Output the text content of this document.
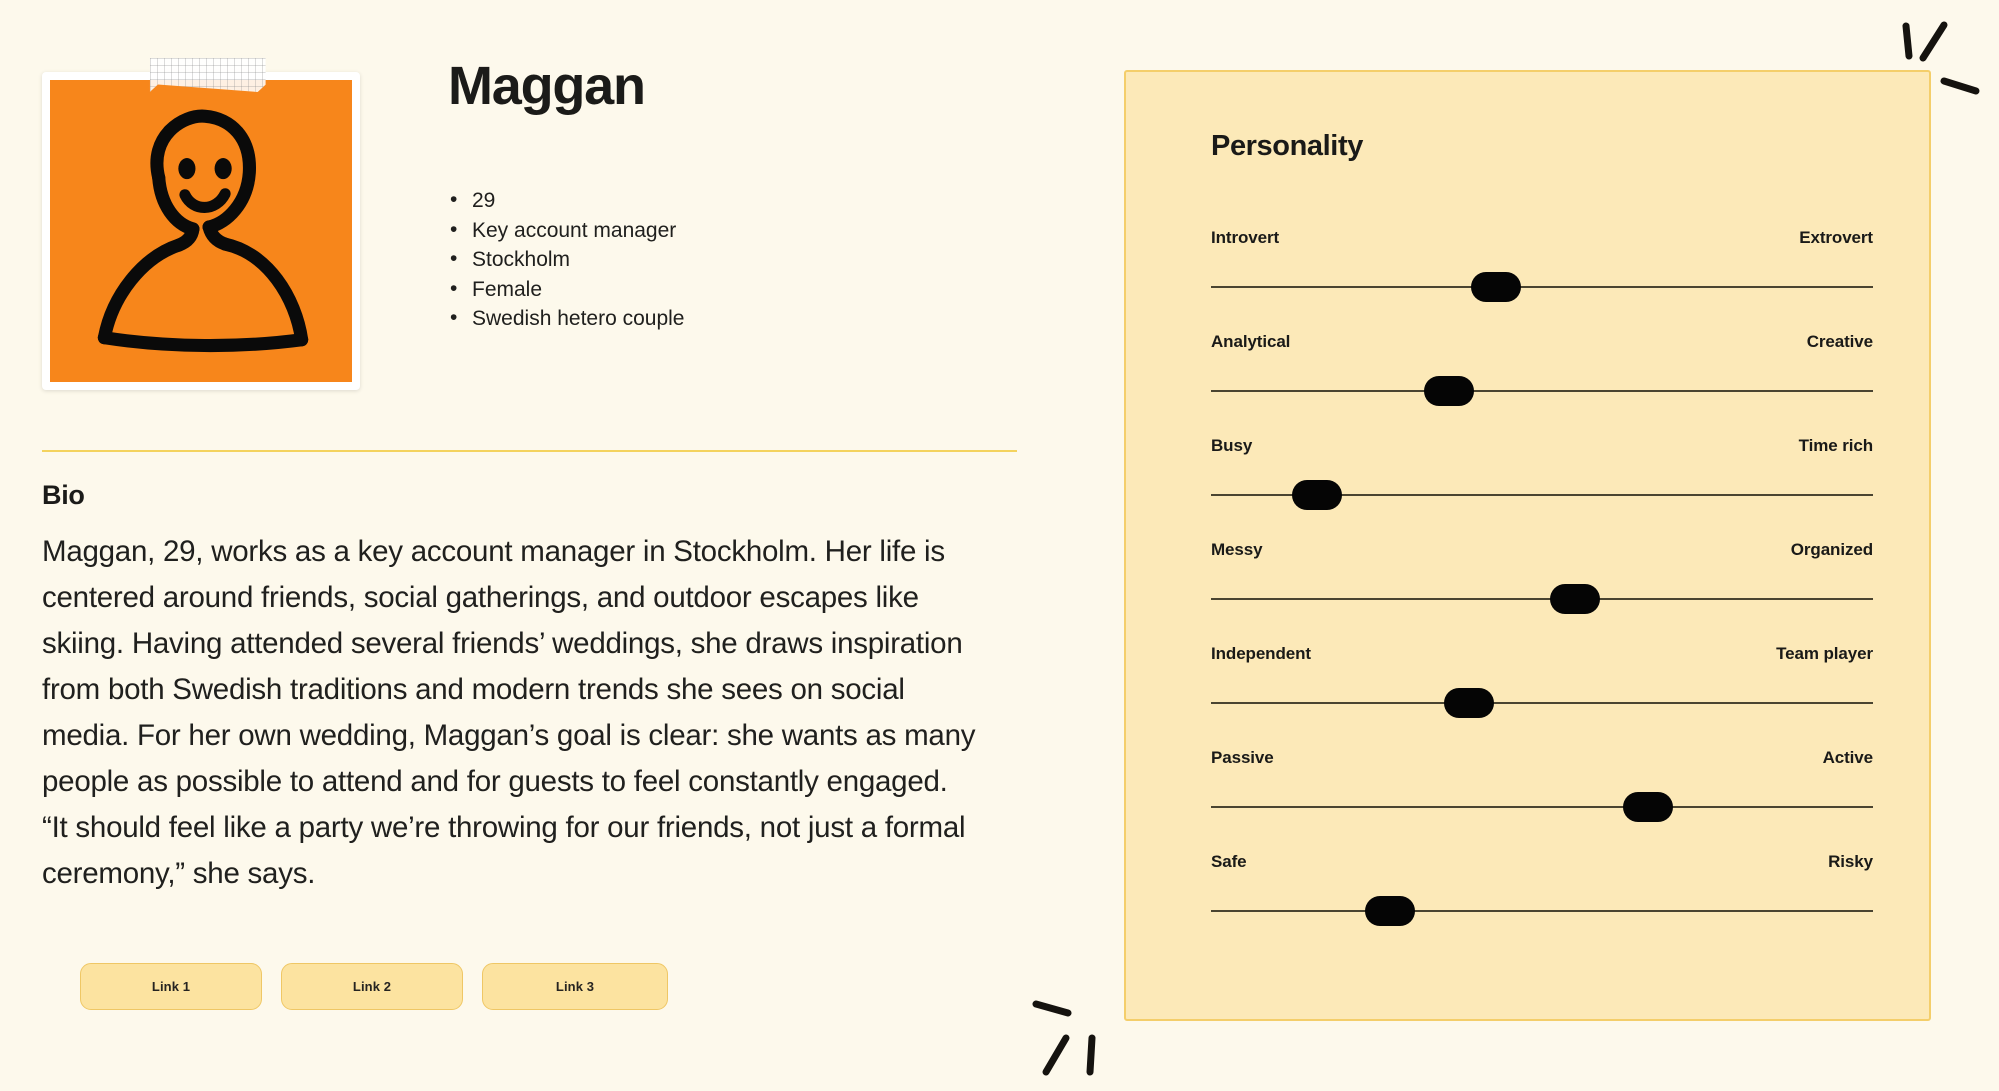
Maggan
• 29
• Key account manager
• Stockholm
• Female
• Swedish hetero couple
Bio

Maggan, 29, works as a key account manager in Stockholm. Her life is centered around friends, social gatherings, and outdoor escapes like skiing. Having attended several friends’ weddings, she draws inspiration from both Swedish traditions and modern trends she sees on social media. For her own wedding, Maggan’s goal is clear: she wants as many people as possible to attend and for guests to feel constantly engaged. “It should feel like a party we’re throwing for our friends, not just a formal ceremony,” she says.

Link 1	Link 2	Link 3
Personality
Introvert	Extrovert
Analytical	Creative
Busy	Time rich
Messy	Organized
Independent	Team player
Passive	Active
Safe	Risky
